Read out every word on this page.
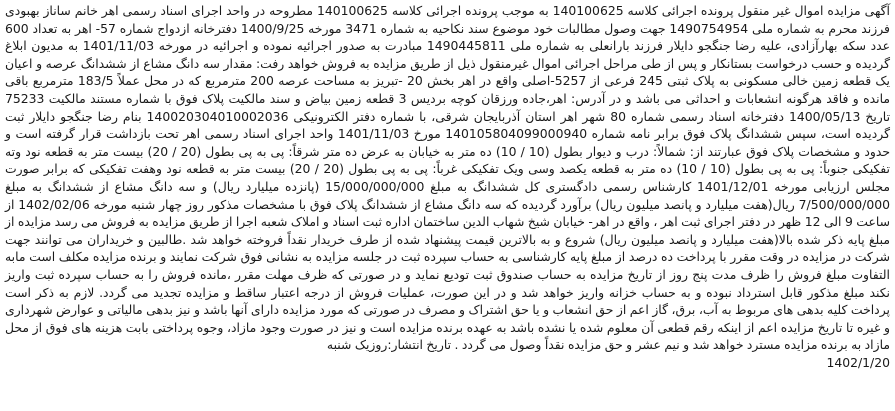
آگهی مزایده اموال غیر منقول پرونده اجرائی کلاسه 140100625 به موجب پرونده اجرائی کلاسه 140100625 مطروحه در واحد اجرای اسناد رسمی اهر خانم ساناز بهبودی فرزند محرم به شماره ملی 1490754954 جهت وصول مطالبات خود موضوع سند نکاحیه به شماره 3471 مورخه 1400/9/25 دفترخانه ازدواج شماره 57- اهر به تعداد 600 عدد سکه بهارآزادی، علیه رضا جنگجو دایلار فرزند بارانعلی به شماره ملی 1490445811 مبادرت به صدور اجرائیه نموده و اجرائیه در مورخه 1401/11/03 به مدیون ابلاغ گردیده و حسب درخواست بستانکار و پس از طی مراحل اجرائی اموال غیرمنقول ذیل از طریق مزایده به فروش خواهد رفت: مقدار سه دانگ مشاع از ششدانگ عرصه و اعیان یک قطعه زمین خالی مسکونی به پلاک ثبتی 245 فرعی از 5257-اصلی واقع در اهر بخش 20 -تبریز به مساحت عرصه 200 مترمربع که در محل عملاً 183/5 مترمربع باقی مانده و فاقد هرگونه انشعابات و احداثی می باشد و در آدرس: اهر،جاده ورزقان کوچه بردیس 3 قطعه زمین بیاض و سند مالکیت پلاک فوق با شماره مستند مالکیت 75233 تاریخ 1400/05/13 دفترخانه اسناد رسمی شماره 80 شهر اهر استان آذربایجان شرقی، با شماره دفتر الکترونیکی 140020304010002036 بنام رضا جنگجو دایلار ثبت گردیده است، سپس ششدانگ پلاک فوق برابر نامه شماره 140105804099000940 مورخ 1401/11/03 واحد اجرای اسناد رسمی اهر تحت بازداشت قرار گرفته است و حدود و مشخصات پلاک فوق عبارتند از: شمالاً: درب و دیوار بطول (10 / 10) ده متر به خیابان به عرض ده متر شرقاً: پی به پی بطول (20 / 20) بیست متر به قطعه نود وته تفکیکی جنوباً: پی به پی بطول (10 / 10) ده متر به قطعه یکصد وسی ویک تفکیکی غرباً: پی به پی بطول (20 / 20) بیست متر به قطعه نود وهفت تفکیکی که برابر صورت مجلس ارزیابی مورخه 1401/12/01 کارشناس رسمی دادگستری کل ششدانگ به مبلغ 15/000/000/000 (پانزده میلیارد ریال) و سه دانگ مشاع از ششدانگ به مبلغ 7/500/000/000 ریال(هفت میلیارد و پانصد میلیون ریال) برآورد گردیده که سه دانگ مشاع از ششدانگ پلاک فوق با مشخصات مذکور روز چهار شنبه مورخه 1402/02/06 از ساعت 9 الی 12 ظهر در دفتر اجرای ثبت اهر ، واقع در اهر- خیابان شیخ شهاب الدین ساختمان اداره ثبت اسناد و املاک شعبه اجرا از طریق مزایده به فروش می رسد مزایده از مبلغ پایه ذکر شده بالا(هفت میلیارد و پانصد میلیون ریال) شروع و به بالاترین قیمت پیشنهاد شده از طرف خریدار نقداً فروخته خواهد شد .طالبین و خریداران می توانند جهت شرکت در مزایده در وقت مقرر با پرداخت ده درصد از مبلغ پایه کارشناسی به حساب سپرده ثبت در جلسه مزایده به نشانی فوق شرکت نمایند و برنده مزایده مکلف است مابه التفاوت مبلغ فروش را ظرف مدت پنج روز از تاریخ مزایده به حساب صندوق ثبت تودیع نماید و در صورتی که ظرف مهلت مقرر ،مانده فروش را به حساب سپرده ثبت واریز نکند مبلغ مذکور قابل استرداد نبوده و به حساب خزانه واریز خواهد شد و در این صورت، عملیات فروش از درجه اعتبار ساقط و مزایده تجدید می گردد. لازم به ذکر است پرداخت کلیه بدهی های مربوط به آب، برق، گاز اعم از حق انشعاب و یا حق اشتراک و مصرف در صورتی که مورد مزایده دارای آنها باشد و نیز بدهی مالیاتی و عوارض شهرداری و غیره تا تاریخ مزایده اعم از اینکه رقم قطعی آن معلوم شده یا نشده باشد به عهده برنده مزایده است و نیز در صورت وجود مازاد، وجوه پرداختی بابت هزینه های فوق از محل مازاد به برنده مزایده مسترد خواهد شد و نیم عشر و حق مزایده نقداً وصول می گردد . تاریخ انتشار:روزیک شنبه

1402/1/20
